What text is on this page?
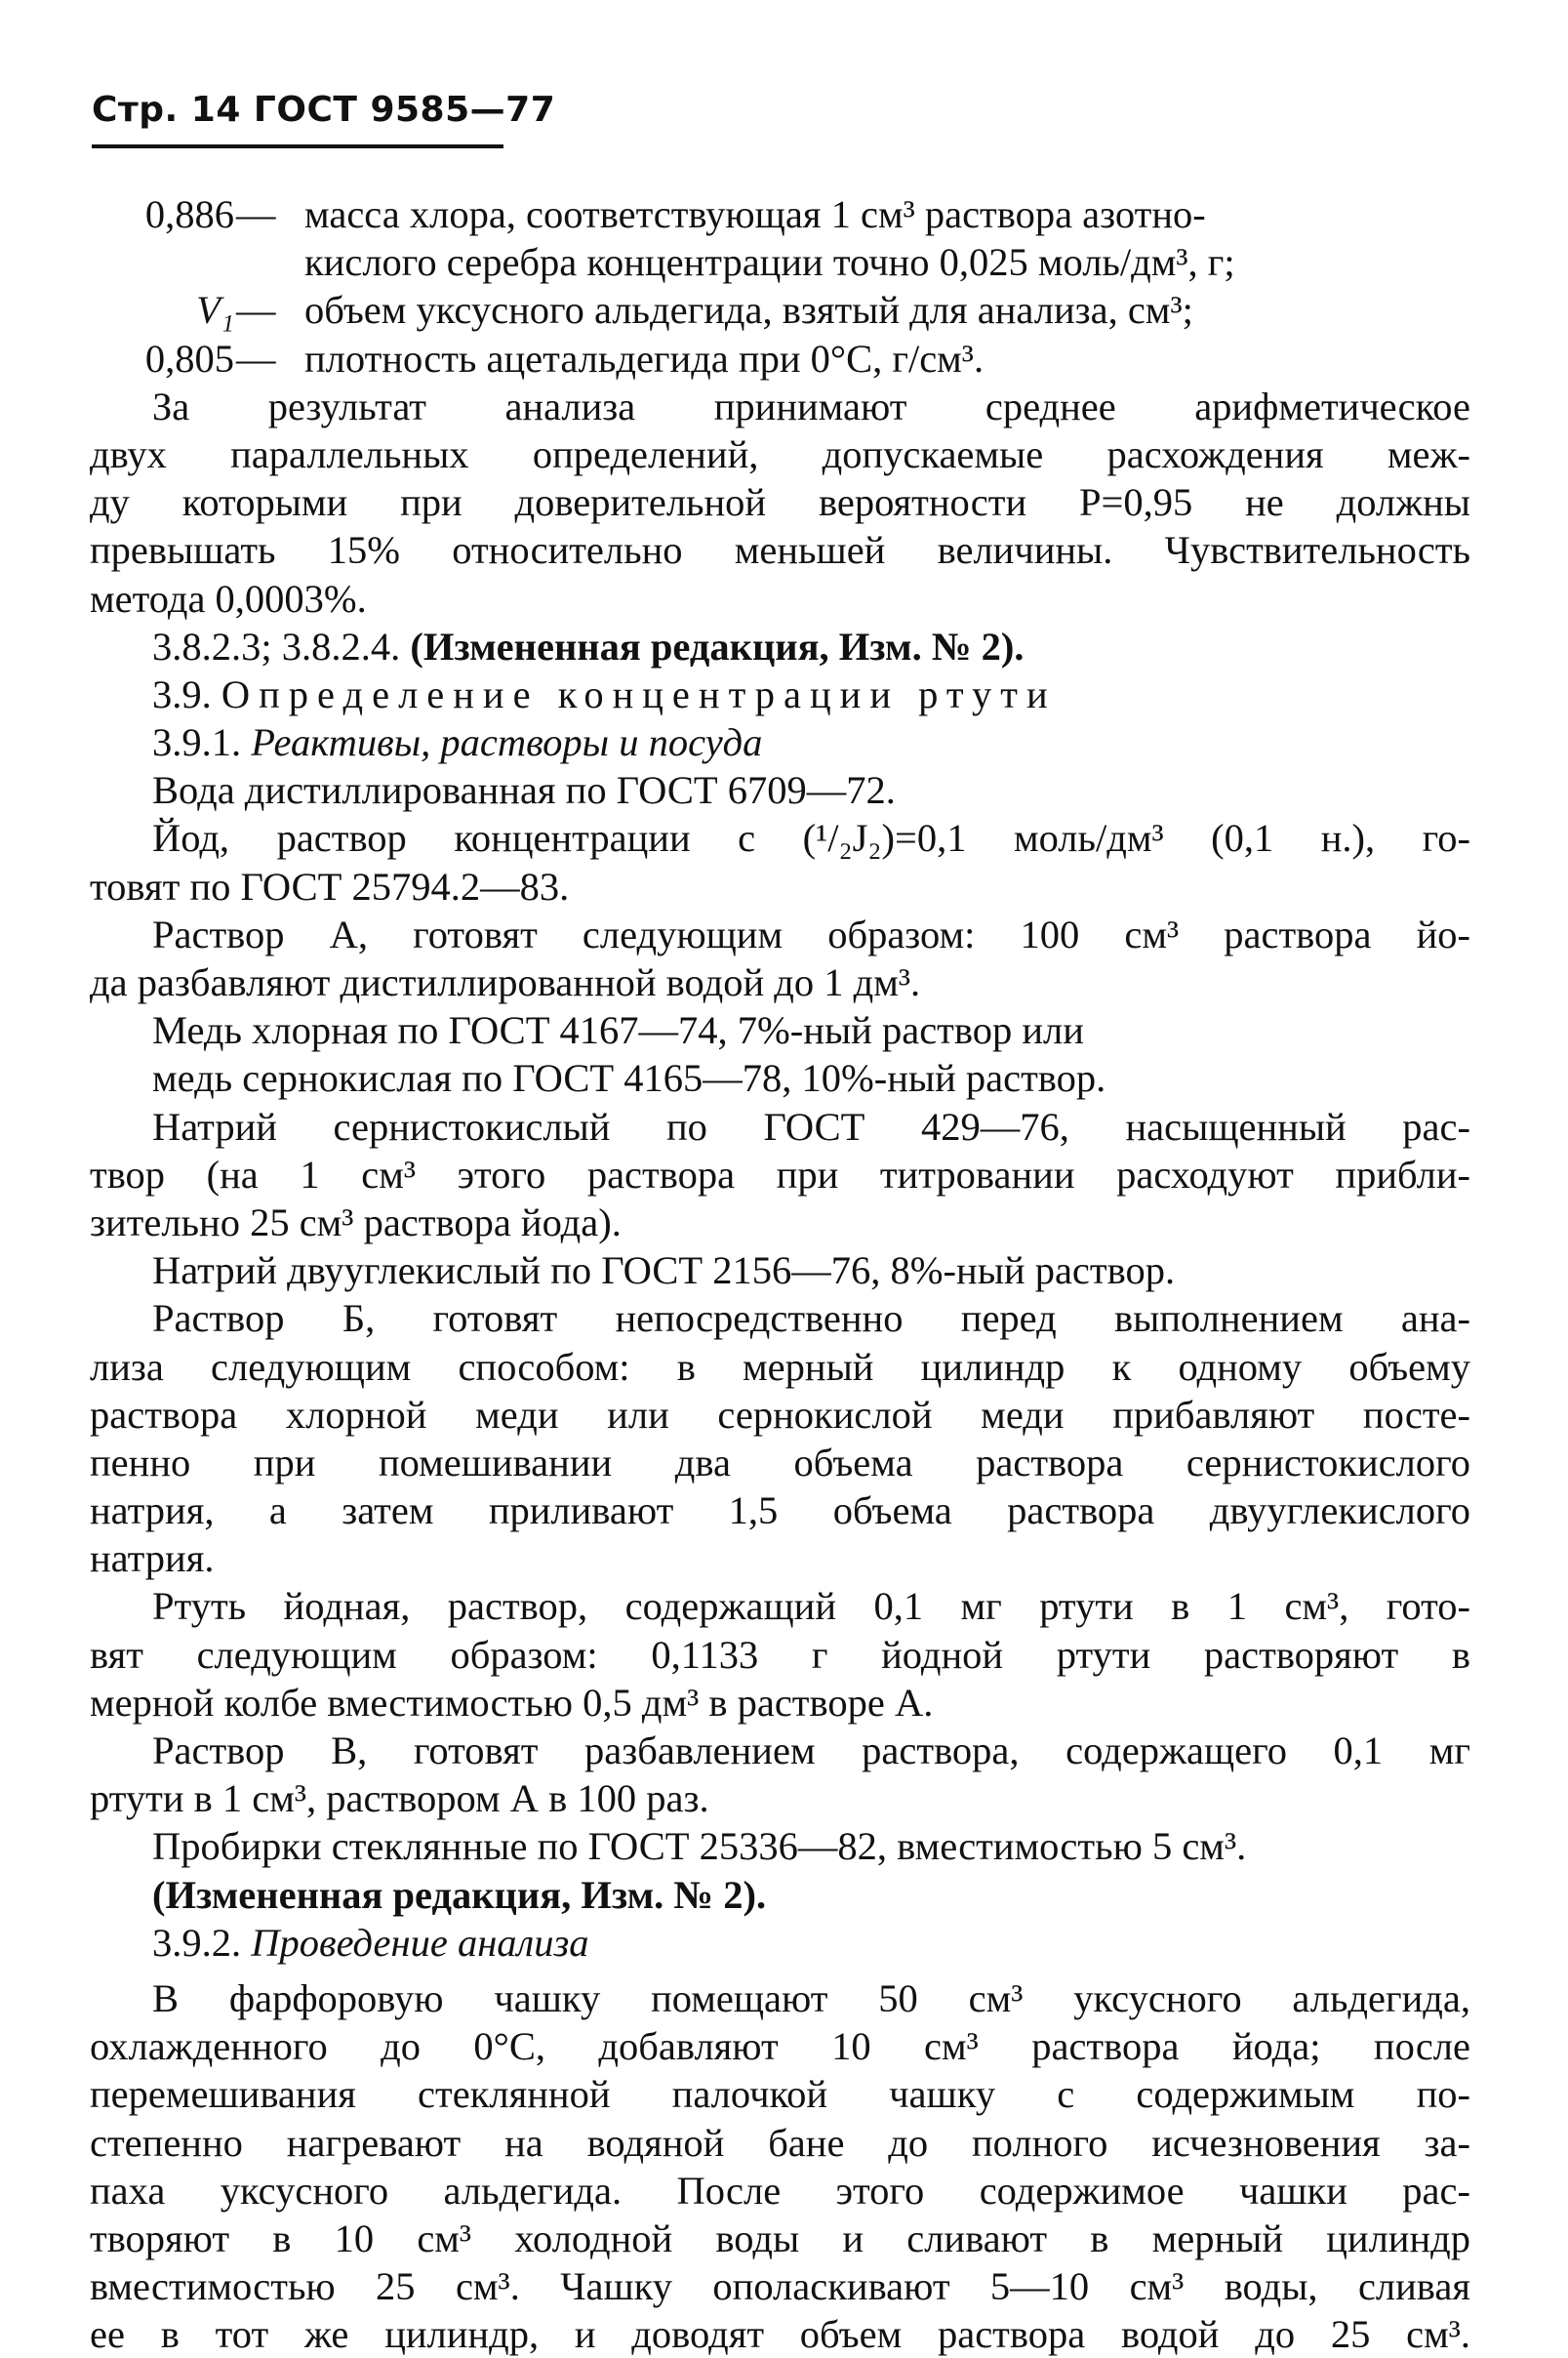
Стр. 14 ГОСТ 9585—77
0,886— масса хлора, соответствующая 1 см³ раствора азотно-
кислого серебра концентрации точно 0,025 моль/дм³, г;
V₁— объем уксусного альдегида, взятый для анализа, см³;
0,805— плотность ацетальдегида при 0°С, г/см³.
За результат анализа принимают среднее арифметическое
двух параллельных определений, допускаемые расхождения меж-
ду которыми при доверительной вероятности Р=0,95 не должны
превышать 15% относительно меньшей величины. Чувствительность
метода 0,0003%.
3.8.2.3; 3.8.2.4. (Измененная редакция, Изм. № 2).
3.9. Определение концентрации ртути
3.9.1. Реактивы, растворы и посуда
Вода дистиллированная по ГОСТ 6709—72.
Йод, раствор концентрации с (¹/₂J₂)=0,1 моль/дм³ (0,1 н.), го-
товят по ГОСТ 25794.2—83.
Раствор А, готовят следующим образом: 100 см³ раствора йо-
да разбавляют дистиллированной водой до 1 дм³.
Медь хлорная по ГОСТ 4167—74, 7%-ный раствор или
медь сернокислая по ГОСТ 4165—78, 10%-ный раствор.
Натрий сернистокислый по ГОСТ 429—76, насыщенный рас-
твор (на 1 см³ этого раствора при титровании расходуют прибли-
зительно 25 см³ раствора йода).
Натрий двууглекислый по ГОСТ 2156—76, 8%-ный раствор.
Раствор Б, готовят непосредственно перед выполнением ана-
лиза следующим способом: в мерный цилиндр к одному объему
раствора хлорной меди или сернокислой меди прибавляют посте-
пенно при помешивании два объема раствора сернистокислого
натрия, а затем приливают 1,5 объема раствора двууглекислого
натрия.
Ртуть йодная, раствор, содержащий 0,1 мг ртути в 1 см³, гото-
вят следующим образом: 0,1133 г йодной ртути растворяют в
мерной колбе вместимостью 0,5 дм³ в растворе А.
Раствор В, готовят разбавлением раствора, содержащего 0,1 мг
ртути в 1 см³, раствором А в 100 раз.
Пробирки стеклянные по ГОСТ 25336—82, вместимостью 5 см³.
(Измененная редакция, Изм. № 2).
3.9.2. Проведение анализа
В фарфоровую чашку помещают 50 см³ уксусного альдегида,
охлажденного до 0°С, добавляют 10 см³ раствора йода; после
перемешивания стеклянной палочкой чашку с содержимым по-
степенно нагревают на водяной бане до полного исчезновения за-
паха уксусного альдегида. После этого содержимое чашки рас-
творяют в 10 см³ холодной воды и сливают в мерный цилиндр
вместимостью 25 см³. Чашку ополаскивают 5—10 см³ воды, сливая
ее в тот же цилиндр, и доводят объем раствора водой до 25 см³.
